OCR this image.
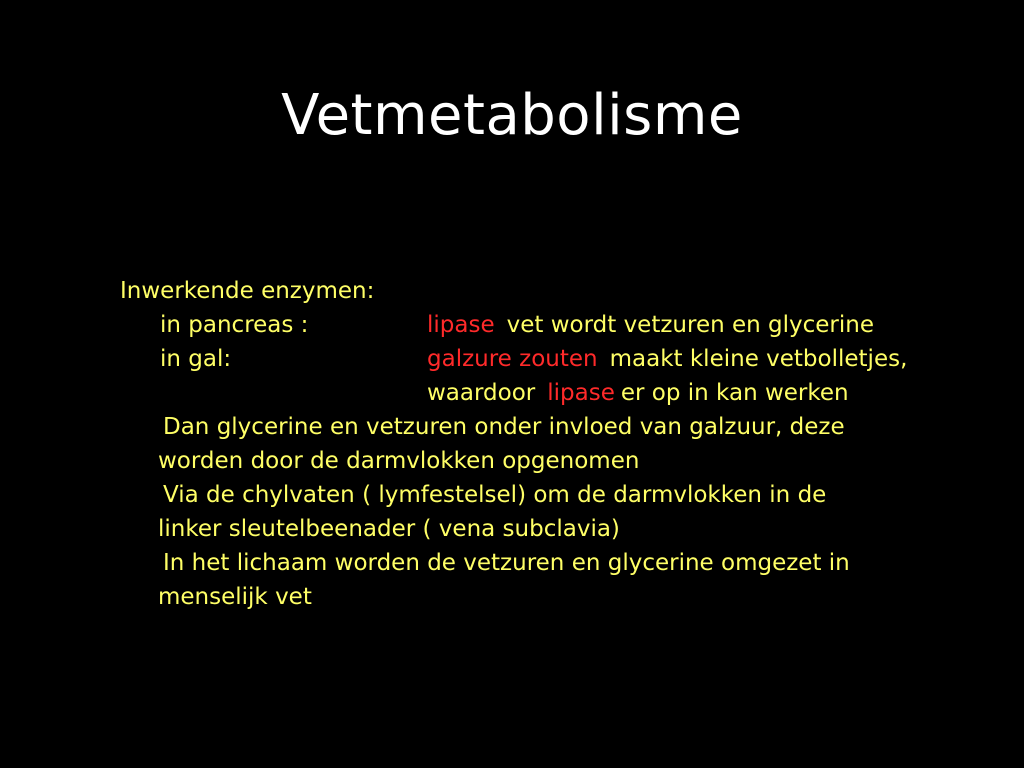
Vetmetabolisme
Inwerkende enzymen:
in pancreas :	lipase vet wordt vetzuren en glycerine
in gal:	galzure zouten maakt kleine vetbolletjes,
waardoor lipase er op in kan werken
Dan glycerine en vetzuren onder invloed van galzuur, deze
worden door de darmvlokken opgenomen
Via de chylvaten ( lymfestelsel) om de darmvlokken in de
linker sleutelbeenader ( vena subclavia)
In het lichaam worden de vetzuren en glycerine omgezet in
menselijk vet
